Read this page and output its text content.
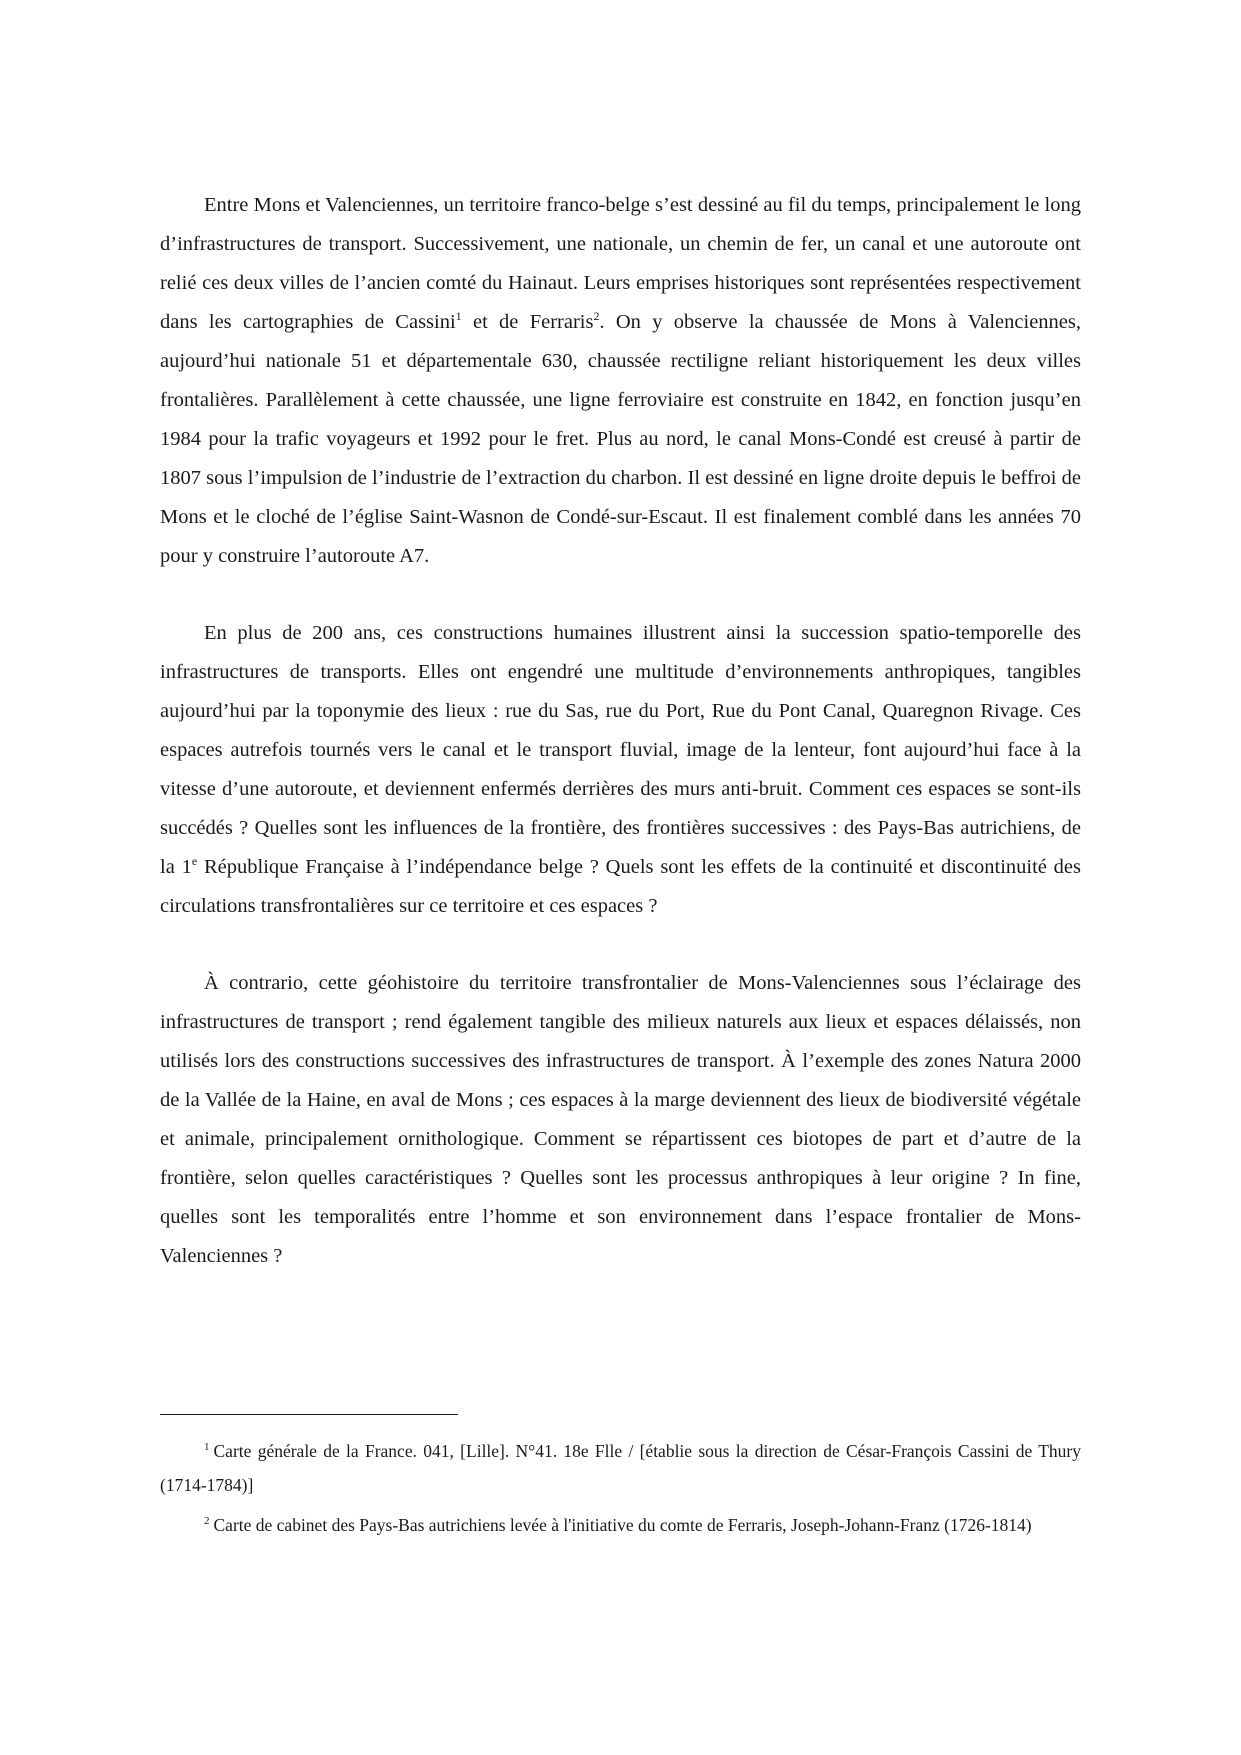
Entre Mons et Valenciennes, un territoire franco-belge s’est dessiné au fil du temps, principalement le long d’infrastructures de transport. Successivement, une nationale, un chemin de fer, un canal et une autoroute ont relié ces deux villes de l’ancien comté du Hainaut. Leurs emprises historiques sont représentées respectivement dans les cartographies de Cassini$^1$ et de Ferraris$^2$. On y observe la chaussée de Mons à Valenciennes, aujourd’hui nationale 51 et départementale 630, chaussée rectiligne reliant historiquement les deux villes frontalières. Parallèlement à cette chaussée, une ligne ferroviaire est construite en 1842, en fonction jusqu’en 1984 pour la trafic voyageurs et 1992 pour le fret. Plus au nord, le canal Mons-Condé est creusé à partir de 1807 sous l’impulsion de l’industrie de l’extraction du charbon. Il est dessiné en ligne droite depuis le beffroi de Mons et le cloché de l’église Saint-Wasnon de Condé-sur-Escaut. Il est finalement comblé dans les années 70 pour y construire l’autoroute A7.

En plus de 200 ans, ces constructions humaines illustrent ainsi la succession spatio-temporelle des infrastructures de transports. Elles ont engendré une multitude d’environnements anthropiques, tangibles aujourd’hui par la toponymie des lieux : rue du Sas, rue du Port, Rue du Pont Canal, Quaregnon Rivage. Ces espaces autrefois tournés vers le canal et le transport fluvial, image de la lenteur, font aujourd’hui face à la vitesse d’une autoroute, et deviennent enfermés derrières des murs anti-bruit. Comment ces espaces se sont-ils succédés ? Quelles sont les influences de la frontière, des frontières successives : des Pays-Bas autrichiens, de la 1e République Française à l’indépendance belge ? Quels sont les effets de la continuité et discontinuité des circulations transfrontalières sur ce territoire et ces espaces ?

À contrario, cette géohistoire du territoire transfrontalier de Mons-Valenciennes sous l’éclairage des infrastructures de transport ; rend également tangible des milieux naturels aux lieux et espaces délaissés, non utilisés lors des constructions successives des infrastructures de transport. À l’exemple des zones Natura 2000 de la Vallée de la Haine, en aval de Mons ; ces espaces à la marge deviennent des lieux de biodiversité végétale et animale, principalement ornithologique. Comment se répartissent ces biotopes de part et d’autre de la frontière, selon quelles caractéristiques ? Quelles sont les processus anthropiques à leur origine ? In fine, quelles sont les temporalités entre l’homme et son environnement dans l’espace frontalier de Mons-Valenciennes ?

$^1$ Carte générale de la France. 041, [Lille]. N°41. 18e Flle / [établie sous la direction de César-François Cassini de Thury (1714-1784)]

$^2$ Carte de cabinet des Pays-Bas autrichiens levée à l'initiative du comte de Ferraris, Joseph-Johann-Franz (1726-1814)
